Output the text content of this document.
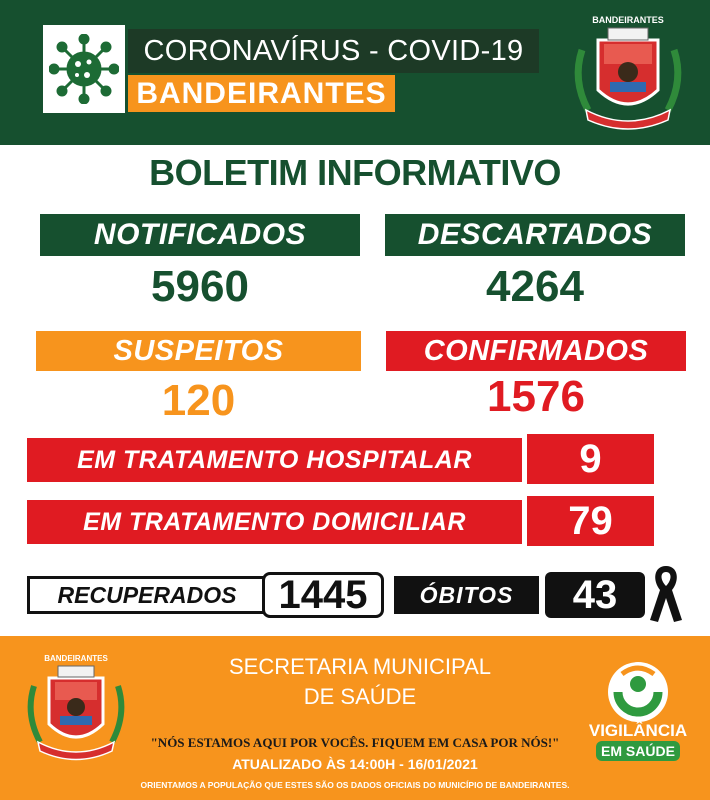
CORONAVÍRUS - COVID-19
BANDEIRANTES
BANDEIRANTES
BOLETIM INFORMATIVO
NOTIFICADOS	DESCARTADOS
5960	4264
SUSPEITOS	CONFIRMADOS
120	1576
EM TRATAMENTO HOSPITALAR	9
EM TRATAMENTO DOMICILIAR	79
RECUPERADOS	1445	ÓBITOS	43
BANDEIRANTES	SECRETARIA MUNICIPAL
DE SAÚDE
VIGILÂNCIA
EM SAÚDE
"NÓS ESTAMOS AQUI POR VOCÊS. FIQUEM EM CASA POR NÓS!"
ATUALIZADO ÀS 14:00H - 16/01/2021
ORIENTAMOS A POPULAÇÃO QUE ESTES SÃO OS DADOS OFICIAIS DO MUNICÍPIO DE BANDEIRANTES.
